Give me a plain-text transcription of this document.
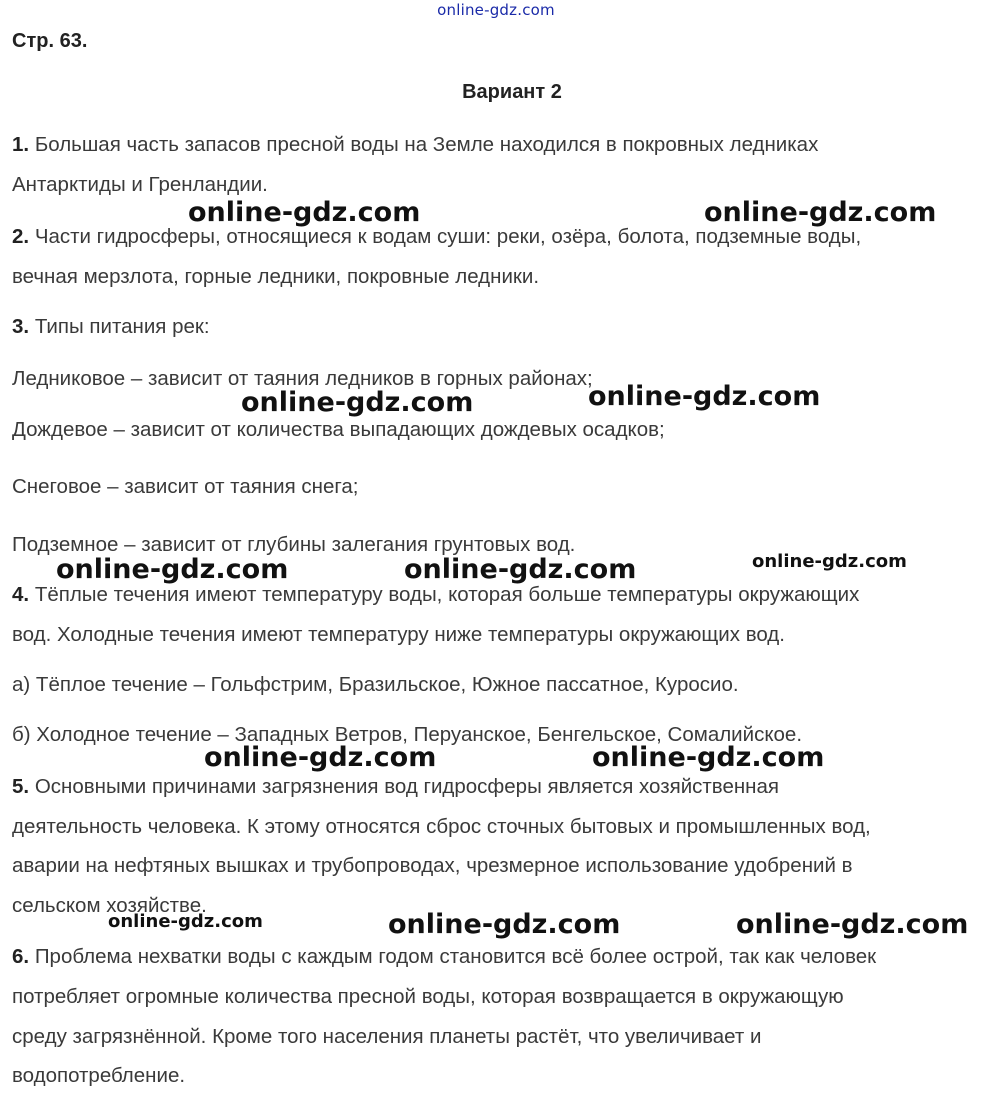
online-gdz.com
Стр. 63.
Вариант 2
1. Большая часть запасов пресной воды на Земле находился в покровных ледниках
Антарктиды и Гренландии.
2. Части гидросферы, относящиеся к водам суши: реки, озёра, болота, подземные воды,
вечная мерзлота, горные ледники, покровные ледники.
3. Типы питания рек:
Ледниковое – зависит от таяния ледников в горных районах;
Дождевое – зависит от количества выпадающих дождевых осадков;
Снеговое – зависит от таяния снега;
Подземное – зависит от глубины залегания грунтовых вод.
4. Тёплые течения имеют температуру воды, которая больше температуры окружающих
вод. Холодные течения имеют температуру ниже температуры окружающих вод.
а) Тёплое течение – Гольфстрим, Бразильское, Южное пассатное, Куросио.
б) Холодное течение – Западных Ветров, Перуанское, Бенгельское, Сомалийское.
5. Основными причинами загрязнения вод гидросферы является хозяйственная
деятельность человека. К этому относятся сброс сточных бытовых и промышленных вод,
аварии на нефтяных вышках и трубопроводах, чрезмерное использование удобрений в
сельском хозяйстве.
6. Проблема нехватки воды с каждым годом становится всё более острой, так как человек
потребляет огромные количества пресной воды, которая возвращается в окружающую
среду загрязнённой. Кроме того населения планеты растёт, что увеличивает и
водопотребление.
online-gdz.com	online-gdz.com
online-gdz.com	online-gdz.com
online-gdz.com
online-gdz.com	online-gdz.com
online-gdz.com	online-gdz.com
online-gdz.com	online-gdz.com	online-gdz.com
